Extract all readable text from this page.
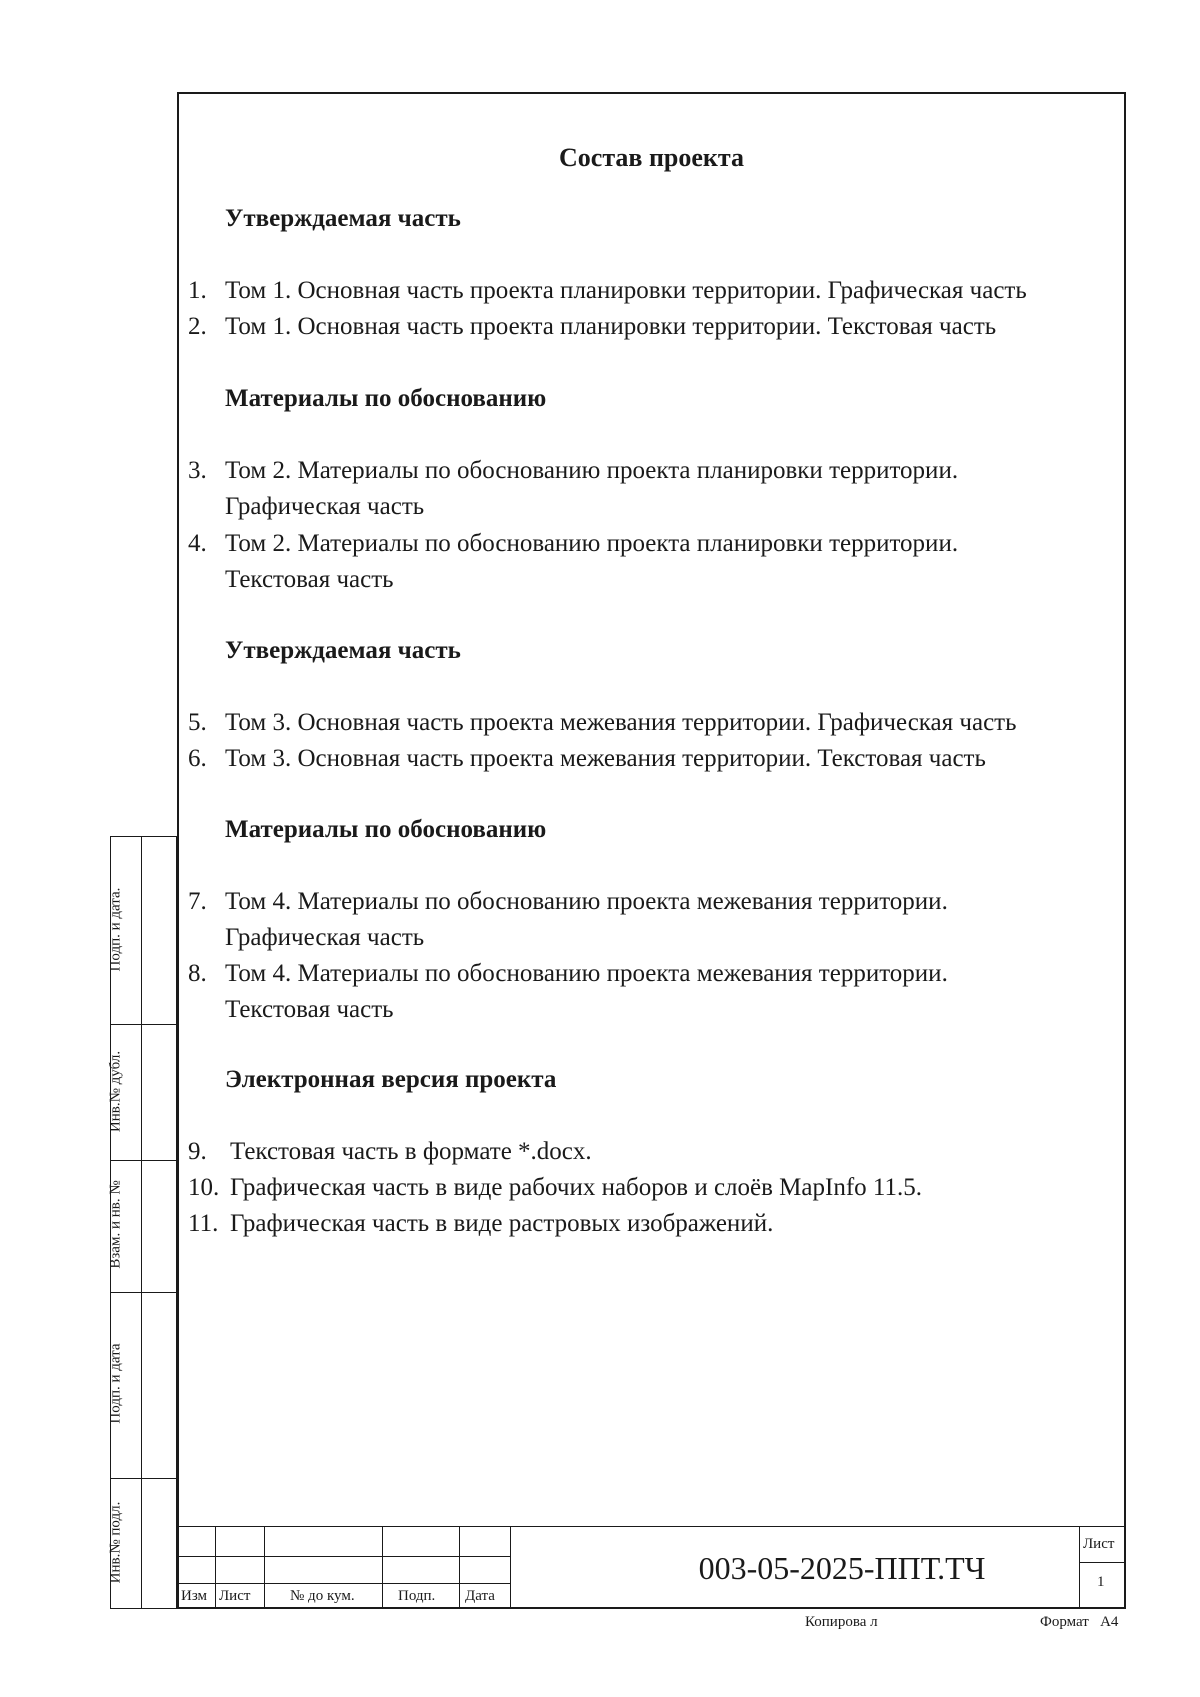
Состав проекта
Утверждаемая часть
1. Том 1. Основная часть проекта планировки территории. Графическая часть
2. Том 1. Основная часть проекта планировки территории. Текстовая часть
Материалы по обоснованию
3. Том 2. Материалы по обоснованию проекта планировки территории.
Графическая часть
4. Том 2. Материалы по обоснованию проекта планировки территории.
Текстовая часть
Утверждаемая часть
5. Том 3. Основная часть проекта межевания территории. Графическая часть
6. Том 3. Основная часть проекта межевания территории. Текстовая часть
Материалы по обоснованию
7. Том 4. Материалы по обоснованию проекта межевания территории.
Графическая часть
8. Том 4. Материалы по обоснованию проекта межевания территории.
Текстовая часть
Электронная версия проекта
9. Текстовая часть в формате *.docx.
10. Графическая часть в виде рабочих наборов и слоёв MapInfo 11.5.
11. Графическая часть в виде растровых изображений.
Подп. и дата.
Инв.№ дубл.
Взам. и нв. №
Подп. и дата
Инв.№ подл.
Изм Лист	№ до кум.	Подп. Дата
003-05-2025-ППТ.ТЧ
Лист
1
Копирова л	Формат   А4
